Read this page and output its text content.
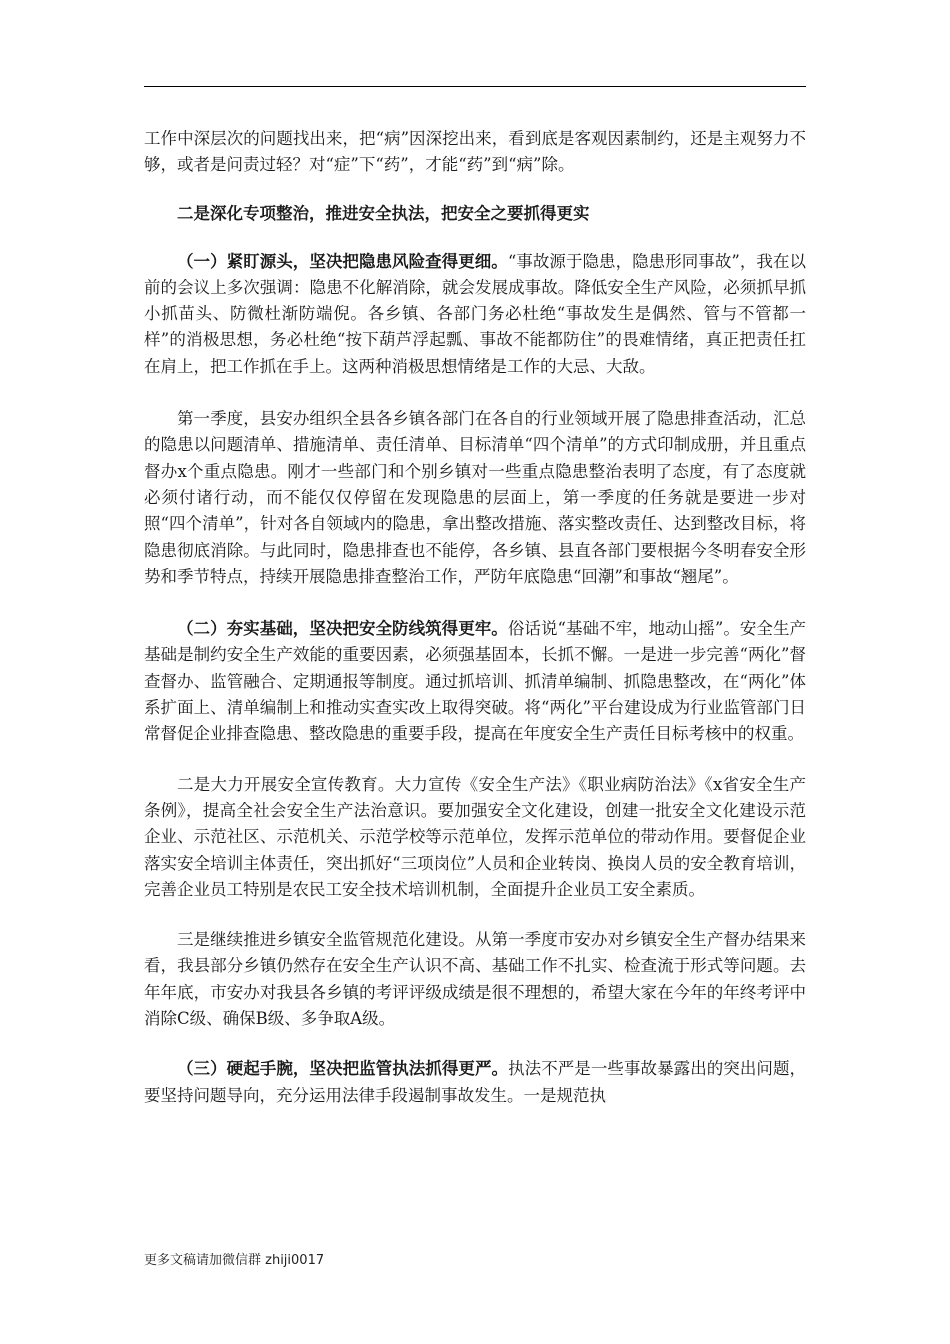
工作中深层次的问题找出来，把“病”因深挖出来，看到底是客观因素制约，还是主观努力不够，或者是问责过轻？对“症”下“药”，才能“药”到“病”除。

二是深化专项整治，推进安全执法，把安全之要抓得更实

（一）紧盯源头，坚决把隐患风险查得更细。“事故源于隐患，隐患形同事故”，我在以前的会议上多次强调：隐患不化解消除，就会发展成事故。降低安全生产风险，必须抓早抓小抓苗头、防微杜渐防端倪。各乡镇、各部门务必杜绝“事故发生是偶然、管与不管都一样”的消极思想，务必杜绝“按下葫芦浮起瓢、事故不能都防住”的畏难情绪，真正把责任扛在肩上，把工作抓在手上。这两种消极思想情绪是工作的大忌、大敌。

第一季度，县安办组织全县各乡镇各部门在各自的行业领域开展了隐患排查活动，汇总的隐患以问题清单、措施清单、责任清单、目标清单“四个清单”的方式印制成册，并且重点督办x个重点隐患。刚才一些部门和个别乡镇对一些重点隐患整治表明了态度，有了态度就必须付诸行动，而不能仅仅停留在发现隐患的层面上，第一季度的任务就是要进一步对照“四个清单”，针对各自领域内的隐患，拿出整改措施、落实整改责任、达到整改目标，将隐患彻底消除。与此同时，隐患排查也不能停，各乡镇、县直各部门要根据今冬明春安全形势和季节特点，持续开展隐患排查整治工作，严防年底隐患“回潮”和事故“翘尾”。

（二）夯实基础，坚决把安全防线筑得更牢。俗话说“基础不牢，地动山摇”。安全生产基础是制约安全生产效能的重要因素，必须强基固本，长抓不懈。一是进一步完善“两化”督查督办、监管融合、定期通报等制度。通过抓培训、抓清单编制、抓隐患整改，在“两化”体系扩面上、清单编制上和推动实查实改上取得突破。将“两化”平台建设成为行业监管部门日常督促企业排查隐患、整改隐患的重要手段，提高在年度安全生产责任目标考核中的权重。

二是大力开展安全宣传教育。大力宣传《安全生产法》《职业病防治法》《x省安全生产条例》，提高全社会安全生产法治意识。要加强安全文化建设，创建一批安全文化建设示范企业、示范社区、示范机关、示范学校等示范单位，发挥示范单位的带动作用。要督促企业落实安全培训主体责任，突出抓好“三项岗位”人员和企业转岗、换岗人员的安全教育培训，完善企业员工特别是农民工安全技术培训机制，全面提升企业员工安全素质。

三是继续推进乡镇安全监管规范化建设。从第一季度市安办对乡镇安全生产督办结果来看，我县部分乡镇仍然存在安全生产认识不高、基础工作不扎实、检查流于形式等问题。去年年底，市安办对我县各乡镇的考评评级成绩是很不理想的，希望大家在今年的年终考评中消除C级、确保B级、多争取A级。

（三）硬起手腕，坚决把监管执法抓得更严。执法不严是一些事故暴露出的突出问题，要坚持问题导向，充分运用法律手段遏制事故发生。一是规范执

更多文稿请加微信群 zhiji0017
